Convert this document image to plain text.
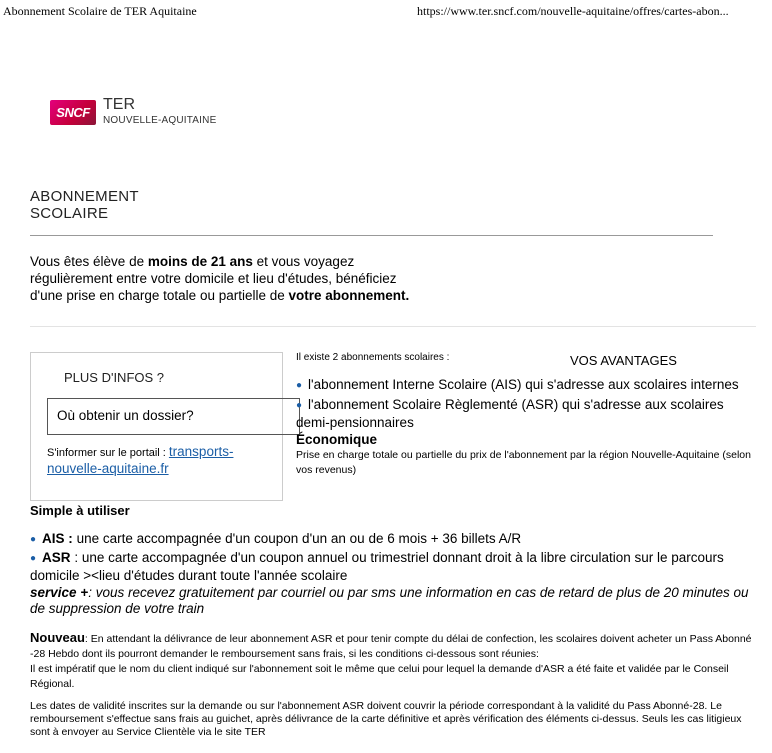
Abonnement Scolaire de TER Aquitaine	https://www.ter.sncf.com/nouvelle-aquitaine/offres/cartes-abon...
SNCF TER
NOUVELLE-AQUITAINE
ABONNEMENT
SCOLAIRE
Vous êtes élève de moins de 21 ans et vous voyagez régulièrement entre votre domicile et lieu d'études, bénéficiez d'une prise en charge totale ou partielle de votre abonnement.
PLUS D'INFOS ?
Où obtenir un dossier?
S'informer sur le portail : transports-nouvelle-aquitaine.fr
Il existe 2 abonnements scolaires :	VOS AVANTAGES
● l'abonnement Interne Scolaire (AIS) qui s'adresse aux scolaires internes
● l'abonnement Scolaire Règlementé (ASR) qui s'adresse aux scolaires demi-pensionnaires
Économique
Prise en charge totale ou partielle du prix de l'abonnement par la région Nouvelle-Aquitaine (selon vos revenus)
Simple à utiliser
● AIS : une carte accompagnée d'un coupon d'un an ou de 6 mois + 36 billets A/R
● ASR : une carte accompagnée d'un coupon annuel ou trimestriel donnant droit à la libre circulation sur le parcours domicile ><lieu d'études durant toute l'année scolaire
service +: vous recevez gratuitement par courriel ou par sms une information en cas de retard de plus de 20 minutes ou de suppression de votre train
Nouveau: En attendant la délivrance de leur abonnement ASR et pour tenir compte du délai de confection, les scolaires doivent acheter un Pass Abonné -28 Hebdo dont ils pourront demander le remboursement sans frais, si les conditions ci-dessous sont réunies:
Il est impératif que le nom du client indiqué sur l'abonnement soit le même que celui pour lequel la demande d'ASR a été faite et validée par le Conseil Régional.
Les dates de validité inscrites sur la demande ou sur l'abonnement ASR doivent couvrir la période correspondant à la validité du Pass Abonné-28. Le remboursement s'effectue sans frais au guichet, après délivrance de la carte définitive et après vérification des éléments ci-dessus. Seuls les cas litigieux sont à envoyer au Service Clientèle via le site TER
